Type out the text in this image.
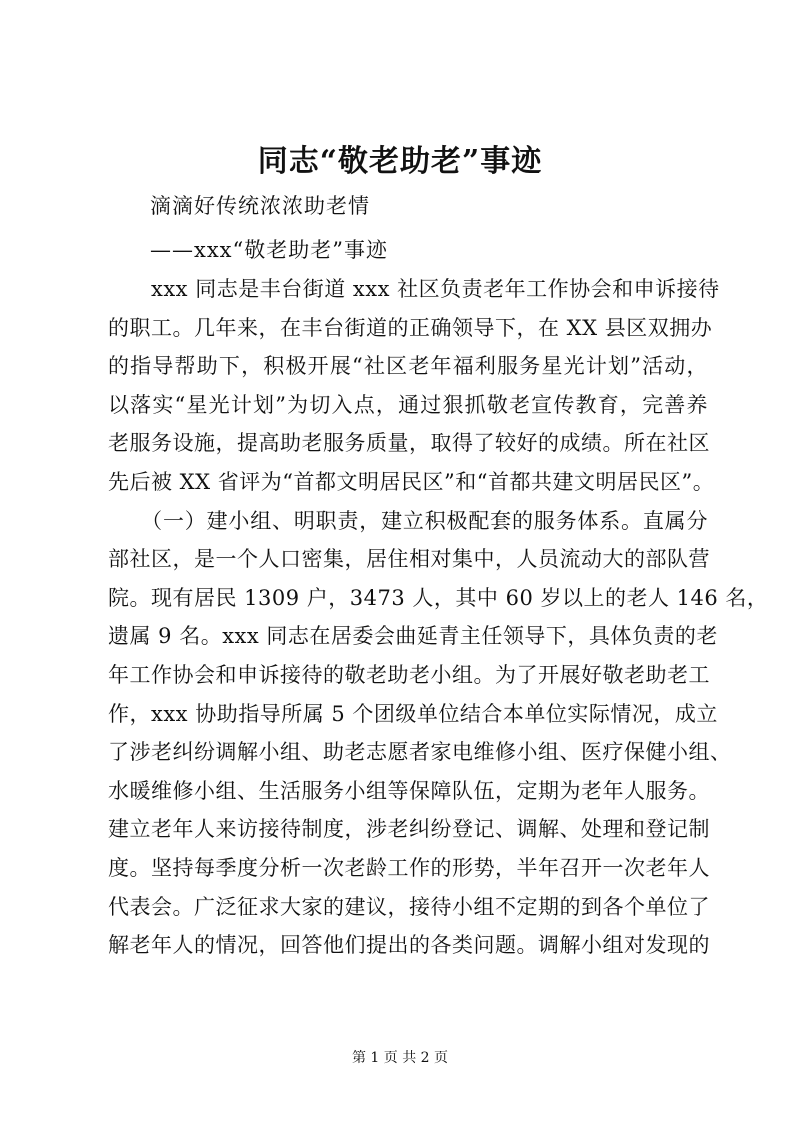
同志“敬老助老”事迹
滴滴好传统浓浓助老情
——xxx“敬老助老”事迹
　　xxx 同志是丰台街道 xxx 社区负责老年工作协会和申诉接待
的职工。几年来，在丰台街道的正确领导下，在 XX 县区双拥办
的指导帮助下，积极开展“社区老年福利服务星光计划”活动，
以落实“星光计划”为切入点，通过狠抓敬老宣传教育，完善养
老服务设施，提高助老服务质量，取得了较好的成绩。所在社区
先后被 XX 省评为“首都文明居民区”和“首都共建文明居民区”。
　　（一）建小组、明职责，建立积极配套的服务体系。直属分
部社区，是一个人口密集，居住相对集中，人员流动大的部队营
院。现有居民 1309 户，3473 人，其中 60 岁以上的老人 146 名，
遗属 9 名。xxx 同志在居委会曲延青主任领导下，具体负责的老
年工作协会和申诉接待的敬老助老小组。为了开展好敬老助老工
作，xxx 协助指导所属 5 个团级单位结合本单位实际情况，成立
了涉老纠纷调解小组、助老志愿者家电维修小组、医疗保健小组、
水暖维修小组、生活服务小组等保障队伍，定期为老年人服务。
建立老年人来访接待制度，涉老纠纷登记、调解、处理和登记制
度。坚持每季度分析一次老龄工作的形势，半年召开一次老年人
代表会。广泛征求大家的建议，接待小组不定期的到各个单位了
解老年人的情况，回答他们提出的各类问题。调解小组对发现的
第 1 页 共 2 页
